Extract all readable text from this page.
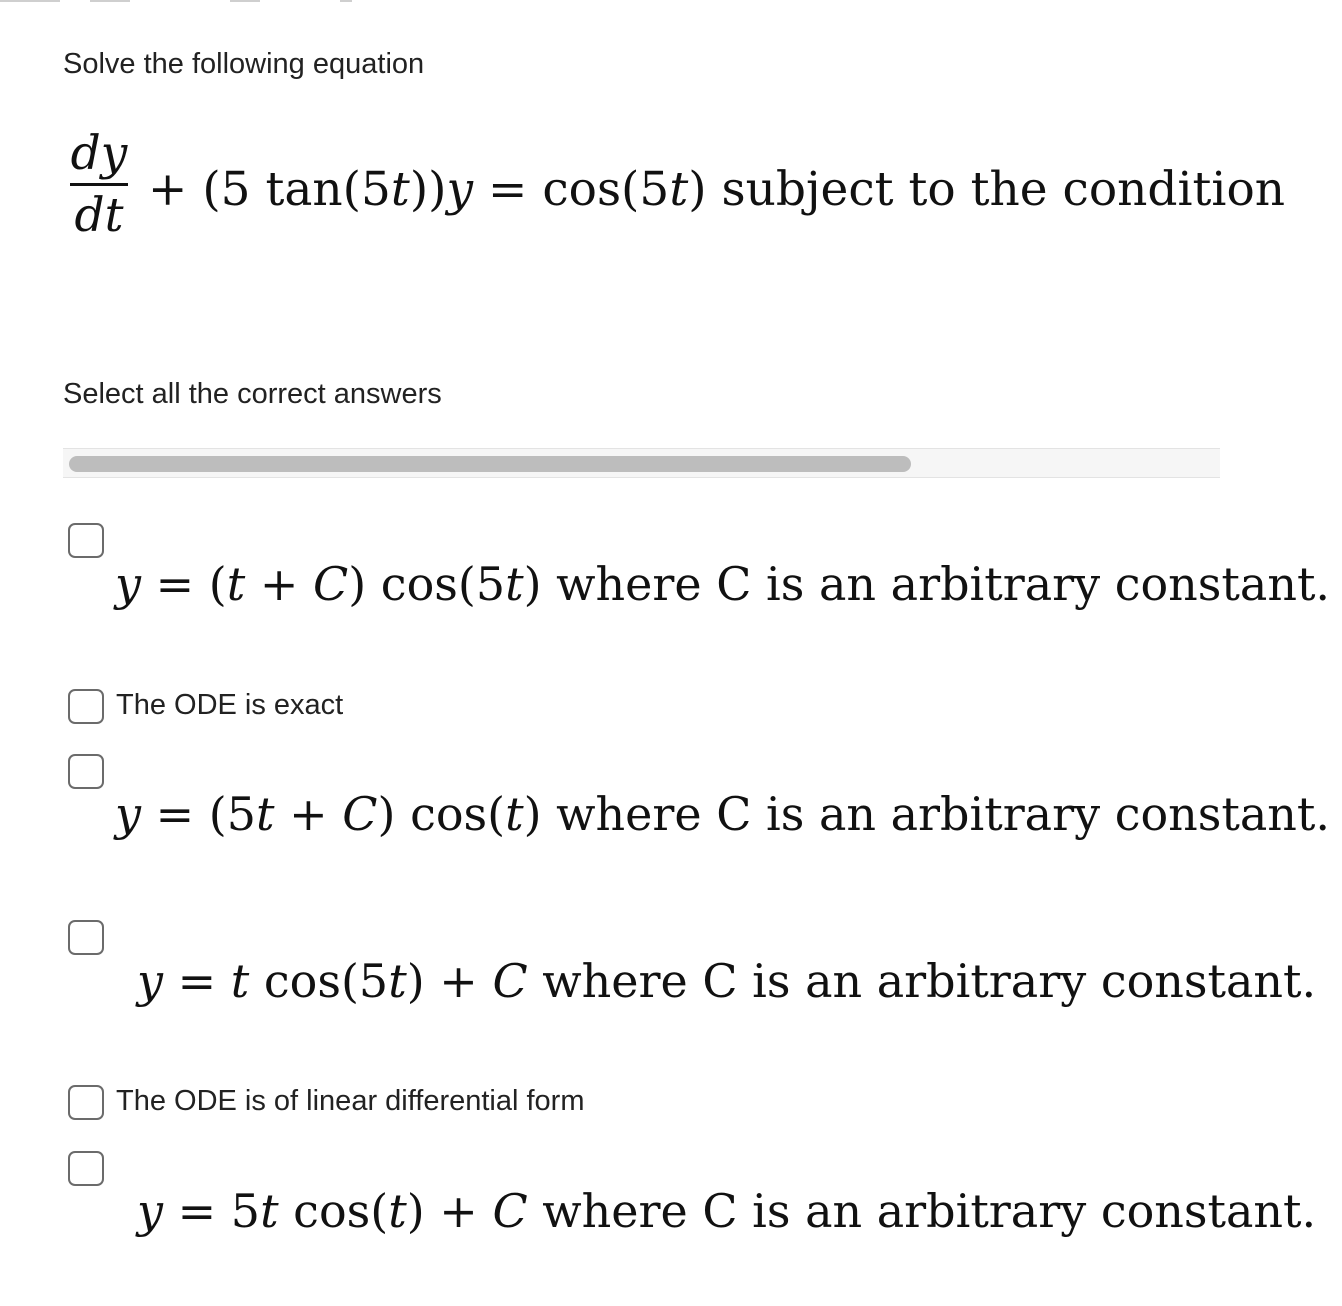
Solve the following equation
dy
dt + (5 tan(5t))y = cos(5t) subject to the condition
Select all the correct answers
y = (t + C) cos(5t) where C is an arbitrary constant.
The ODE is exact
y = (5t + C) cos(t) where C is an arbitrary constant.
y = t cos(5t) + C where C is an arbitrary constant.
The ODE is of linear differential form
y = 5t cos(t) + C where C is an arbitrary constant.
